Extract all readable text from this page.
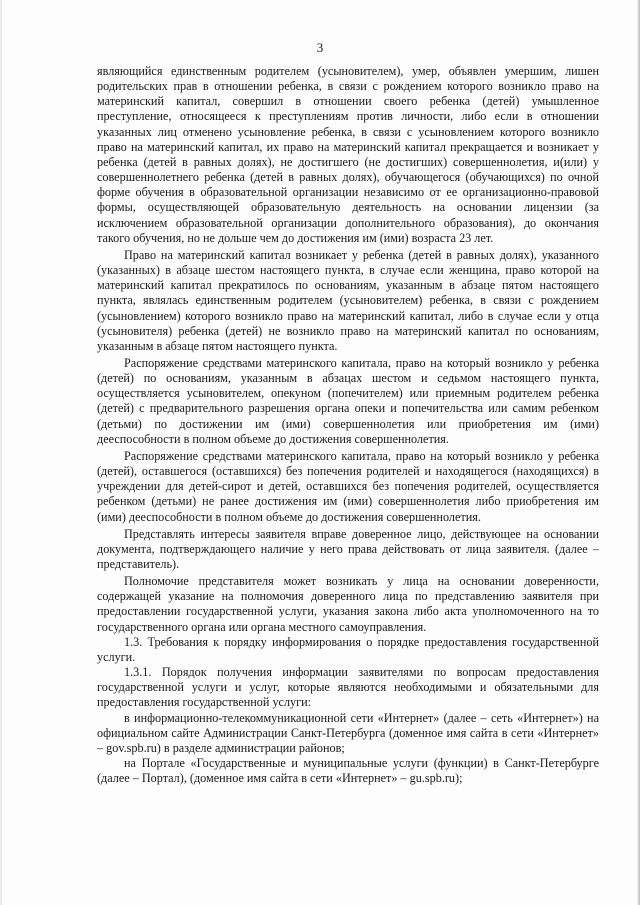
3

являющийся единственным родителем (усыновителем), умер, объявлен умершим, лишен родительских прав в отношении ребенка, в связи с рождением которого возникло право на материнский капитал, совершил в отношении своего ребенка (детей) умышленное преступление, относящееся к преступлениям против личности, либо если в отношении указанных лиц отменено усыновление ребенка, в связи с усыновлением которого возникло право на материнский капитал, их право на материнский капитал прекращается и возникает у ребенка (детей в равных долях), не достигшего (не достигших) совершеннолетия, и(или) у совершеннолетнего ребенка (детей в равных долях), обучающегося (обучающихся) по очной форме обучения в образовательной организации независимо от ее организационно-правовой формы, осуществляющей образовательную деятельность на основании лицензии (за исключением образовательной организации дополнительного образования), до окончания такого обучения, но не дольше чем до достижения им (ими) возраста 23 лет.

Право на материнский капитал возникает у ребенка (детей в равных долях), указанного (указанных) в абзаце шестом настоящего пункта, в случае если женщина, право которой на материнский капитал прекратилось по основаниям, указанным в абзаце пятом настоящего пункта, являлась единственным родителем (усыновителем) ребенка, в связи с рождением (усыновлением) которого возникло право на материнский капитал, либо в случае если у отца (усыновителя) ребенка (детей) не возникло право на материнский капитал по основаниям, указанным в абзаце пятом настоящего пункта.

Распоряжение средствами материнского капитала, право на который возникло у ребенка (детей) по основаниям, указанным в абзацах шестом и седьмом настоящего пункта, осуществляется усыновителем, опекуном (попечителем) или приемным родителем ребенка (детей) с предварительного разрешения органа опеки и попечительства или самим ребенком (детьми) по достижении им (ими) совершеннолетия или приобретения им (ими) дееспособности в полном объеме до достижения совершеннолетия.

Распоряжение средствами материнского капитала, право на который возникло у ребенка (детей), оставшегося (оставшихся) без попечения родителей и находящегося (находящихся) в учреждении для детей-сирот и детей, оставшихся без попечения родителей, осуществляется ребенком (детьми) не ранее достижения им (ими) совершеннолетия либо приобретения им (ими) дееспособности в полном объеме до достижения совершеннолетия.

Представлять интересы заявителя вправе доверенное лицо, действующее на основании документа, подтверждающего наличие у него права действовать от лица заявителя. (далее – представитель).

Полномочие представителя может возникать у лица на основании доверенности, содержащей указание на полномочия доверенного лица по представлению заявителя при предоставлении государственной услуги, указания закона либо акта уполномоченного на то государственного органа или органа местного самоуправления.

1.3. Требования к порядку информирования о порядке предоставления государственной услуги.

1.3.1. Порядок получения информации заявителями по вопросам предоставления государственной услуги и услуг, которые являются необходимыми и обязательными для предоставления государственной услуги:

в информационно-телекоммуникационной сети «Интернет» (далее – сеть «Интернет») на официальном сайте Администрации Санкт-Петербурга (доменное имя сайта в сети «Интернет» – gov.spb.ru) в разделе администрации районов;

на Портале «Государственные и муниципальные услуги (функции) в Санкт-Петербурге (далее – Портал), (доменное имя сайта в сети «Интернет» – gu.spb.ru);
